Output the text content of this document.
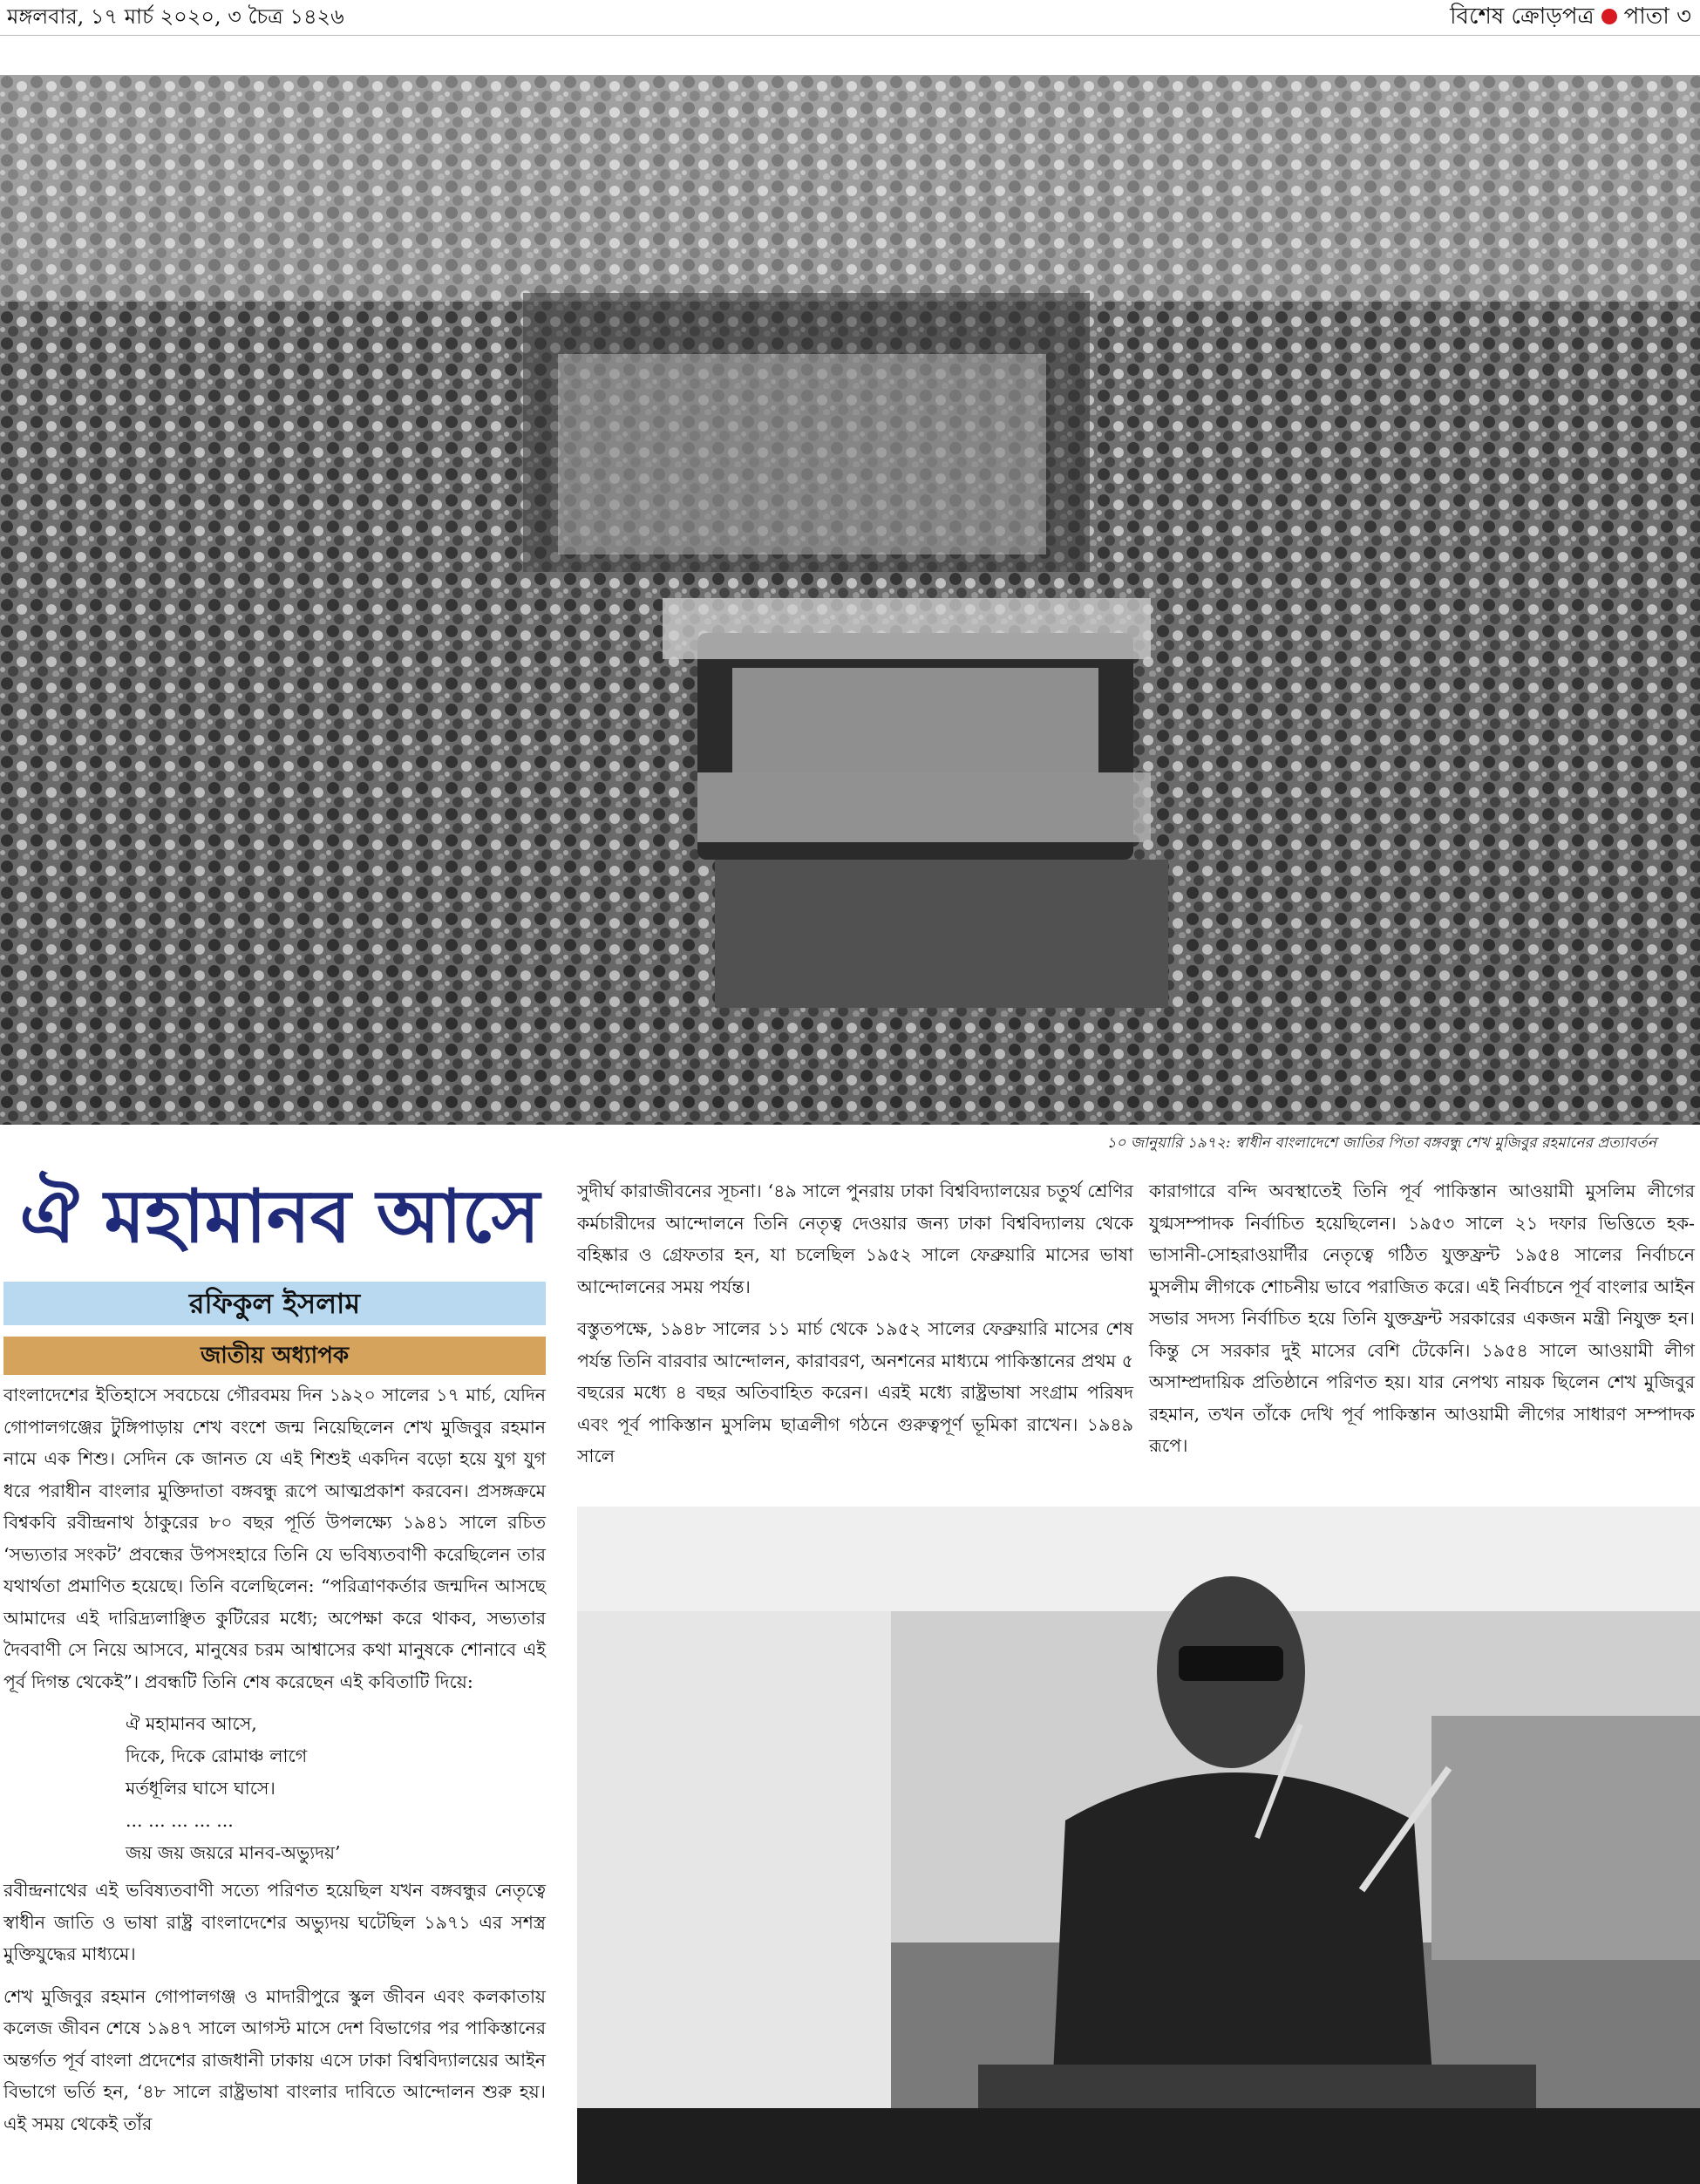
মঙ্গলবার, ১৭ মার্চ ২০২০, ৩ চৈত্র ১৪২৬	বিশেষ ক্রোড়পত্র পাতা ৩
১০ জানুয়ারি ১৯৭২: স্বাধীন বাংলাদেশে জাতির পিতা বঙ্গবন্ধু শেখ মুজিবুর রহমানের প্রত্যাবর্তন
ঐ মহামানব আসে
রফিকুল ইসলাম
জাতীয় অধ্যাপক

বাংলাদেশের ইতিহাসে সবচেয়ে গৌরবময় দিন ১৯২০ সালের ১৭ মার্চ, যেদিন গোপালগঞ্জের টুঙ্গিপাড়ায় শেখ বংশে জন্ম নিয়েছিলেন শেখ মুজিবুর রহমান নামে এক শিশু। সেদিন কে জানত যে এই শিশুই একদিন বড়ো হয়ে যুগ যুগ ধরে পরাধীন বাংলার মুক্তিদাতা বঙ্গবন্ধু রূপে আত্মপ্রকাশ করবেন। প্রসঙ্গক্রমে বিশ্বকবি রবীন্দ্রনাথ ঠাকুরের ৮০ বছর পূর্তি উপলক্ষ্যে ১৯৪১ সালে রচিত ‘সভ্যতার সংকট’ প্রবন্ধের উপসংহারে তিনি যে ভবিষ্যতবাণী করেছিলেন তার যথার্থতা প্রমাণিত হয়েছে। তিনি বলেছিলেন: “পরিত্রাণকর্তার জন্মদিন আসছে আমাদের এই দারিদ্র্যলাঞ্ছিত কুটিরের মধ্যে; অপেক্ষা করে থাকব, সভ্যতার দৈববাণী সে নিয়ে আসবে, মানুষের চরম আশ্বাসের কথা মানুষকে শোনাবে এই পূর্ব দিগন্ত থেকেই”। প্রবন্ধটি তিনি শেষ করেছেন এই কবিতাটি দিয়ে:

ঐ মহামানব আসে,
দিকে, দিকে রোমাঞ্চ লাগে
মর্তধূলির ঘাসে ঘাসে।
... ... ... ... ...
জয় জয় জয়রে মানব-অভ্যুদয়’

রবীন্দ্রনাথের এই ভবিষ্যতবাণী সত্যে পরিণত হয়েছিল যখন বঙ্গবন্ধুর নেতৃত্বে স্বাধীন জাতি ও ভাষা রাষ্ট্র বাংলাদেশের অভ্যুদয় ঘটেছিল ১৯৭১ এর সশস্ত্র মুক্তিযুদ্ধের মাধ্যমে।

শেখ মুজিবুর রহমান গোপালগঞ্জ ও মাদারীপুরে স্কুল জীবন এবং কলকাতায় কলেজ জীবন শেষে ১৯৪৭ সালে আগস্ট মাসে দেশ বিভাগের পর পাকিস্তানের অন্তর্গত পূর্ব বাংলা প্রদেশের রাজধানী ঢাকায় এসে ঢাকা বিশ্ববিদ্যালয়ের আইন বিভাগে ভর্তি হন, ‘৪৮ সালে রাষ্ট্রভাষা বাংলার দাবিতে আন্দোলন শুরু হয়। এই সময় থেকেই তাঁর

সুদীর্ঘ কারাজীবনের সূচনা। ‘৪৯ সালে পুনরায় ঢাকা বিশ্ববিদ্যালয়ের চতুর্থ শ্রেণির কর্মচারীদের আন্দোলনে তিনি নেতৃত্ব দেওয়ার জন্য ঢাকা বিশ্ববিদ্যালয় থেকে বহিষ্কার ও গ্রেফতার হন, যা চলেছিল ১৯৫২ সালে ফেব্রুয়ারি মাসের ভাষা আন্দোলনের সময় পর্যন্ত।

বস্তুতপক্ষে, ১৯৪৮ সালের ১১ মার্চ থেকে ১৯৫২ সালের ফেব্রুয়ারি মাসের শেষ পর্যন্ত তিনি বারবার আন্দোলন, কারাবরণ, অনশনের মাধ্যমে পাকিস্তানের প্রথম ৫ বছরের মধ্যে ৪ বছর অতিবাহিত করেন। এরই মধ্যে রাষ্ট্রভাষা সংগ্রাম পরিষদ এবং পূর্ব পাকিস্তান মুসলিম ছাত্রলীগ গঠনে গুরুত্বপূর্ণ ভূমিকা রাখেন। ১৯৪৯ সালে

কারাগারে বন্দি অবস্থাতেই তিনি পূর্ব পাকিস্তান আওয়ামী মুসলিম লীগের যুগ্মসম্পাদক নির্বাচিত হয়েছিলেন। ১৯৫৩ সালে ২১ দফার ভিত্তিতে হক-ভাসানী-সোহরাওয়ার্দীর নেতৃত্বে গঠিত যুক্তফ্রন্ট ১৯৫৪ সালের নির্বাচনে মুসলীম লীগকে শোচনীয় ভাবে পরাজিত করে। এই নির্বাচনে পূর্ব বাংলার আইন সভার সদস্য নির্বাচিত হয়ে তিনি যুক্তফ্রন্ট সরকারের একজন মন্ত্রী নিযুক্ত হন। কিন্তু সে সরকার দুই মাসের বেশি টেকেনি। ১৯৫৪ সালে আওয়ামী লীগ অসাম্প্রদায়িক প্রতিষ্ঠানে পরিণত হয়। যার নেপথ্য নায়ক ছিলেন শেখ মুজিবুর রহমান, তখন তাঁকে দেখি পূর্ব পাকিস্তান আওয়ামী লীগের সাধারণ সম্পাদক রূপে।
